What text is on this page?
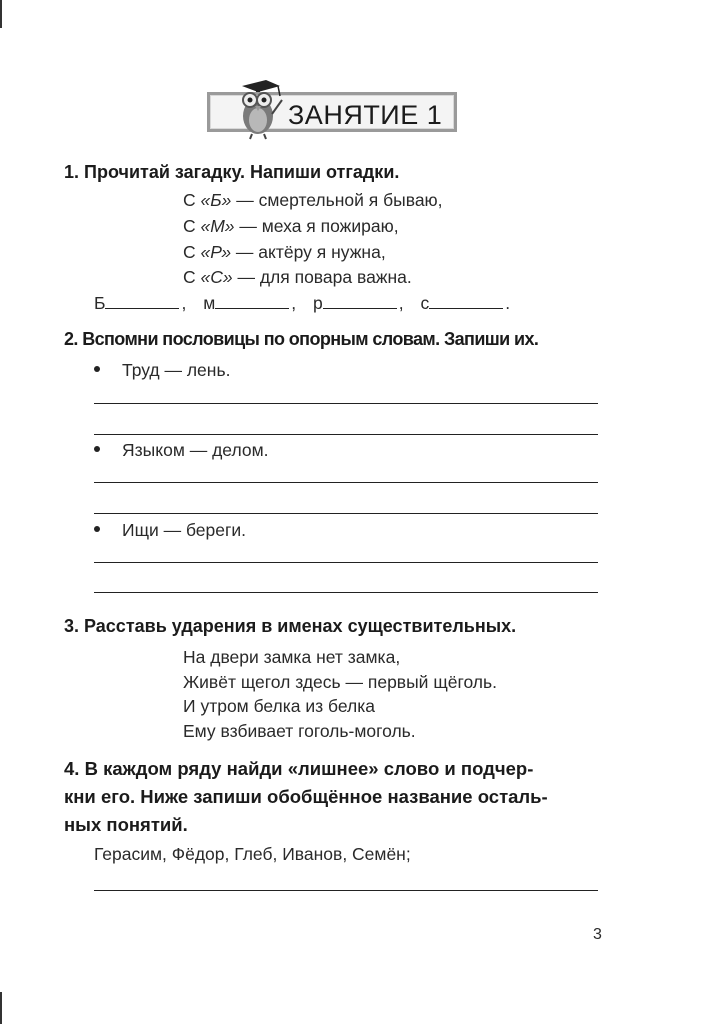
ЗАНЯТИЕ 1
1. Прочитай загадку. Напиши отгадки.
С «Б» — смертельной я бываю,
С «М» — меха я пожираю,
С «Р» — актёру я нужна,
С «С» — для повара важна.
Б	, м	, р	, с	.
2. Вспомни пословицы по опорным словам. Запиши их.
Труд — лень.
Языком — делом.
Ищи — береги.
3. Расставь ударения в именах существительных.
На двери замка нет замка,
Живёт щегол здесь — первый щёголь.
И утром белка из белка
Ему взбивает гоголь-моголь.
4. В каждом ряду найди «лишнее» слово и подчер-
кни его. Ниже запиши обобщённое название осталь-
ных понятий.
Герасим, Фёдор, Глеб, Иванов, Семён;
3
